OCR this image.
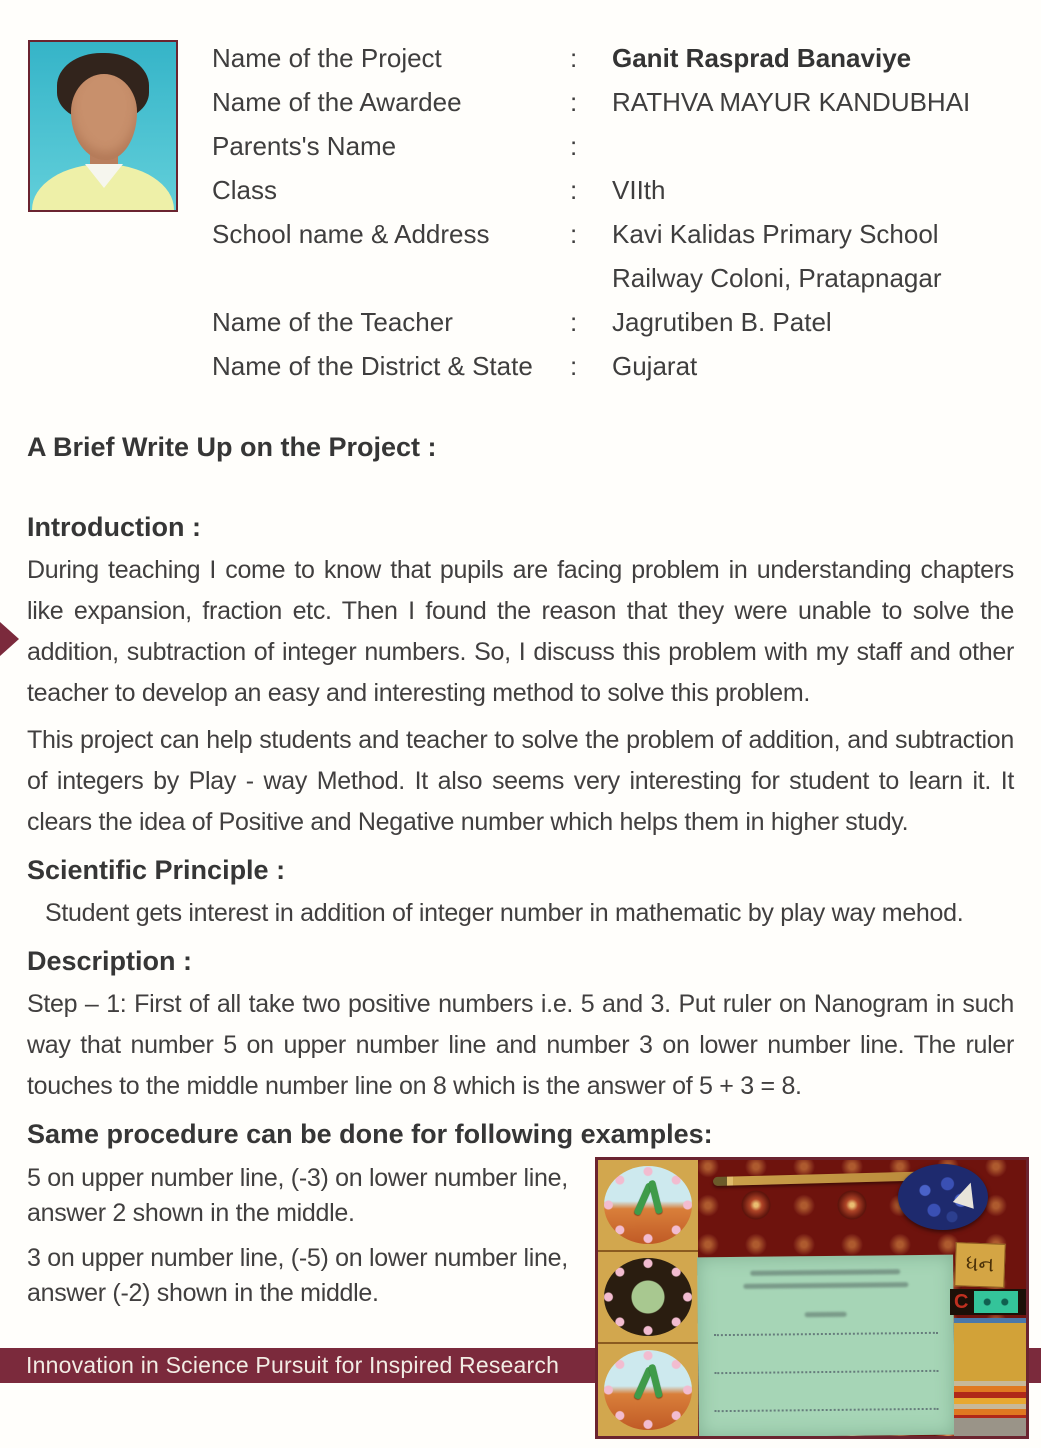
Name of the Project	:	Ganit Rasprad Banaviye
Name of the Awardee	:	RATHVA MAYUR KANDUBHAI
Parents's Name	:
Class	:	VIIth
School name & Address	:	Kavi Kalidas Primary School
Railway Coloni, Pratapnagar
Name of the Teacher	:	Jagrutiben B. Patel
Name of the District & State	:	Gujarat
A Brief Write Up on the Project :
Introduction :

During teaching I come to know that pupils are facing problem in understanding chapters like expansion, fraction etc. Then I found the reason that they were unable to solve the addition, subtraction of integer numbers. So, I discuss this problem with my staff and other teacher to develop an easy and interesting method to solve this problem.

This project can help students and teacher to solve the problem of addition, and subtraction of integers by Play - way Method. It also seems very interesting for student to learn it. It clears the idea of Positive and Negative number which helps them in higher study.

Scientific Principle :

Student gets interest in addition of integer number in mathematic by play way mehod.

Description :

Step – 1: First of all take two positive numbers i.e. 5 and 3. Put ruler on Nanogram in such way that number 5 on upper number line and number 3 on lower number line. The ruler touches to the middle number line on 8 which is the answer of 5 + 3 = 8.

Same procedure can be done for following examples:

5 on upper number line, (-3) on lower number line, answer 2 shown in the middle.

3 on upper number line, (-5) on lower number line, answer (-2) shown in the middle.

Innovation in Science Pursuit for Inspired Research
ધન
C
